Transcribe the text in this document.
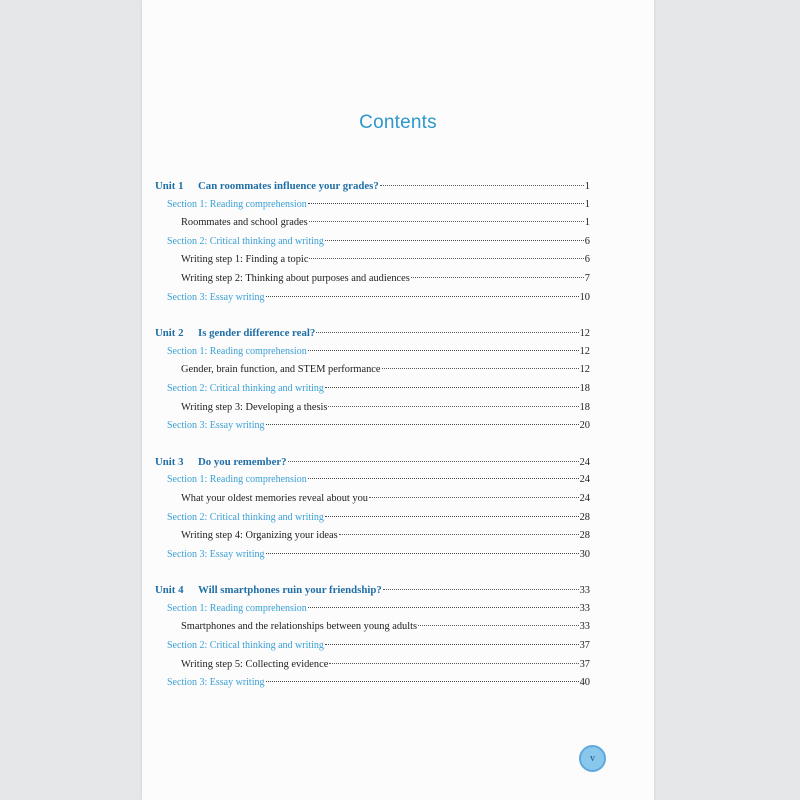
Contents
Unit 1 Can roommates influence your grades?	1
Section 1: Reading comprehension	1
Roommates and school grades	1
Section 2: Critical thinking and writing	6
Writing step 1: Finding a topic	6
Writing step 2: Thinking about purposes and audiences	7
Section 3: Essay writing	10
Unit 2 Is gender difference real?	12
Section 1: Reading comprehension	12
Gender, brain function, and STEM performance	12
Section 2: Critical thinking and writing	18
Writing step 3: Developing a thesis	18
Section 3: Essay writing	20
Unit 3 Do you remember?	24
Section 1: Reading comprehension	24
What your oldest memories reveal about you	24
Section 2: Critical thinking and writing	28
Writing step 4: Organizing your ideas	28
Section 3: Essay writing	30
Unit 4 Will smartphones ruin your friendship?	33
Section 1: Reading comprehension	33
Smartphones and the relationships between young adults	33
Section 2: Critical thinking and writing	37
Writing step 5: Collecting evidence	37
Section 3: Essay writing	40
v
